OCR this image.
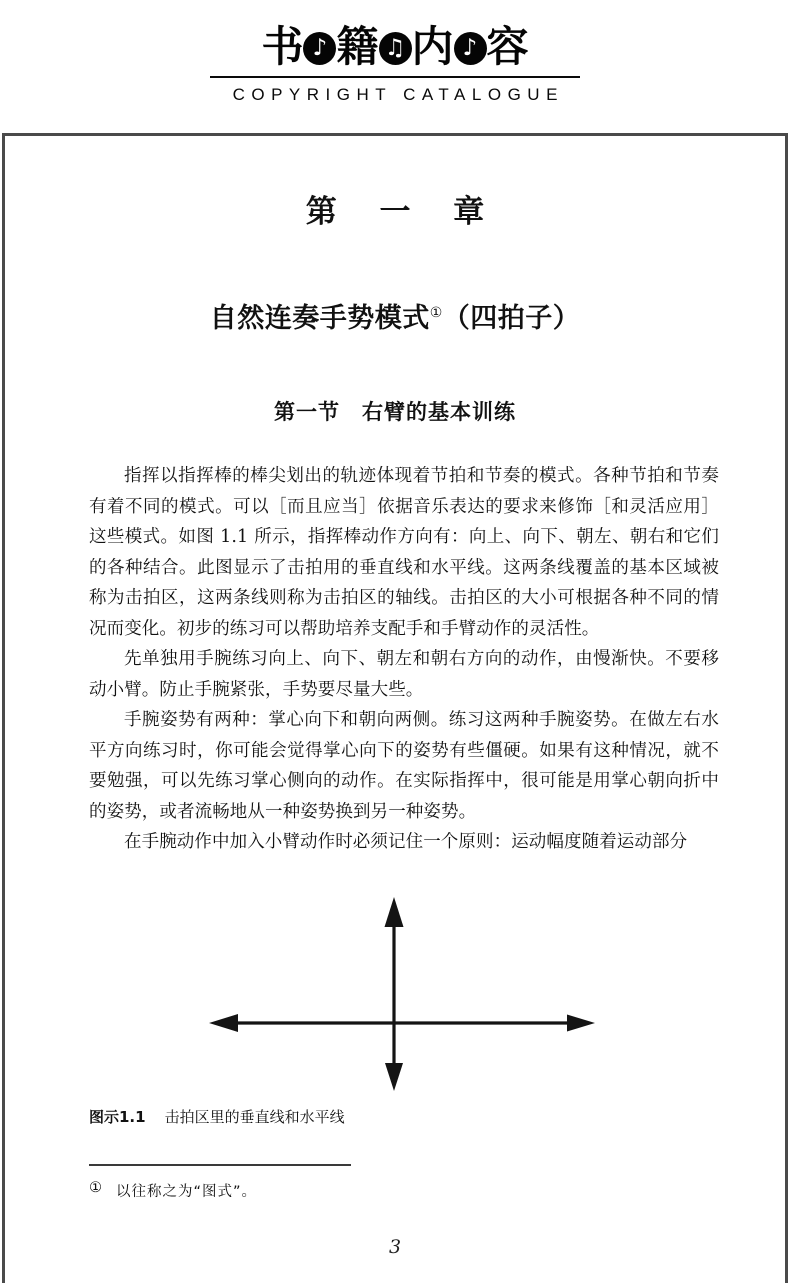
书 ♪ 籍 ♫ 内 ♪ 容
COPYRIGHT CATALOGUE
第 一 章
自然连奏手势模式①（四拍子）
第一节　右臂的基本训练

指挥以指挥棒的棒尖划出的轨迹体现着节拍和节奏的模式。各种节拍和节奏有着不同的模式。可以［而且应当］依据音乐表达的要求来修饰［和灵活应用］这些模式。如图 1.1 所示，指挥棒动作方向有：向上、向下、朝左、朝右和它们的各种结合。此图显示了击拍用的垂直线和水平线。这两条线覆盖的基本区域被称为击拍区，这两条线则称为击拍区的轴线。击拍区的大小可根据各种不同的情况而变化。初步的练习可以帮助培养支配手和手臂动作的灵活性。

先单独用手腕练习向上、向下、朝左和朝右方向的动作，由慢渐快。不要移动小臂。防止手腕紧张，手势要尽量大些。

手腕姿势有两种：掌心向下和朝向两侧。练习这两种手腕姿势。在做左右水平方向练习时，你可能会觉得掌心向下的姿势有些僵硬。如果有这种情况，就不要勉强，可以先练习掌心侧向的动作。在实际指挥中，很可能是用掌心朝向折中的姿势，或者流畅地从一种姿势换到另一种姿势。

在手腕动作中加入小臂动作时必须记住一个原则：运动幅度随着运动部分

图示1.1 击拍区里的垂直线和水平线
① 以往称之为“图式”。
3
